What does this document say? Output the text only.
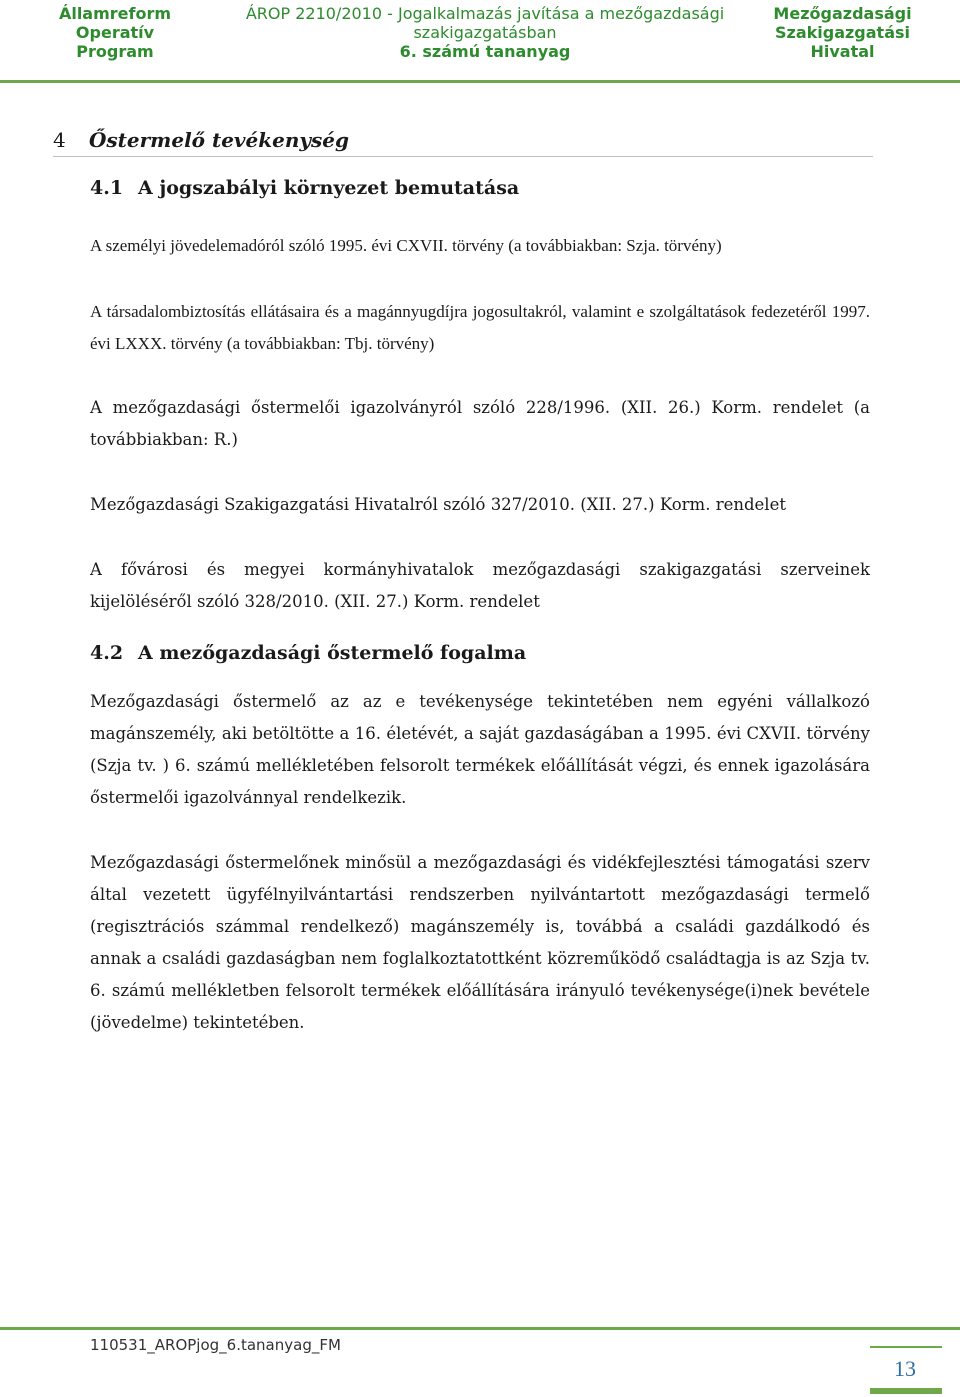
Államreform
Operatív
Program
ÁROP 2210/2010 - Jogalkalmazás javítása a mezőgazdasági
szakigazgatásban
6. számú tananyag
Mezőgazdasági
Szakigazgatási
Hivatal
4 Őstermelő tevékenység
4.1 A jogszabályi környezet bemutatása
A személyi jövedelemadóról szóló 1995. évi CXVII. törvény (a továbbiakban: Szja. törvény)
A társadalombiztosítás ellátásaira és a magánnyugdíjra jogosultakról, valamint e szolgáltatások fedezetéről 1997. évi LXXX. törvény (a továbbiakban: Tbj. törvény)
A mezőgazdasági őstermelői igazolványról szóló 228/1996. (XII. 26.) Korm. rendelet (a továbbiakban: R.)
Mezőgazdasági Szakigazgatási Hivatalról szóló 327/2010. (XII. 27.) Korm. rendelet
A fővárosi és megyei kormányhivatalok mezőgazdasági szakigazgatási szerveinek kijelöléséről szóló 328/2010. (XII. 27.) Korm. rendelet
4.2 A mezőgazdasági őstermelő fogalma
Mezőgazdasági őstermelő az az e tevékenysége tekintetében nem egyéni vállalkozó magánszemély, aki betöltötte a 16. életévét, a saját gazdaságában a 1995. évi CXVII. törvény (Szja tv. ) 6. számú mellékletében felsorolt termékek előállítását végzi, és ennek igazolására őstermelői igazolvánnyal rendelkezik.
Mezőgazdasági őstermelőnek minősül a mezőgazdasági és vidékfejlesztési támogatási szerv által vezetett ügyfélnyilvántartási rendszerben nyilvántartott mezőgazdasági termelő (regisztrációs számmal rendelkező) magánszemély is, továbbá a családi gazdálkodó és annak a családi gazdaságban nem foglalkoztatottként közreműködő családtagja is az Szja tv. 6. számú mellékletben felsorolt termékek előállítására irányuló tevékenysége(i)nek bevétele (jövedelme) tekintetében.
110531_AROPjog_6.tananyag_FM
13
